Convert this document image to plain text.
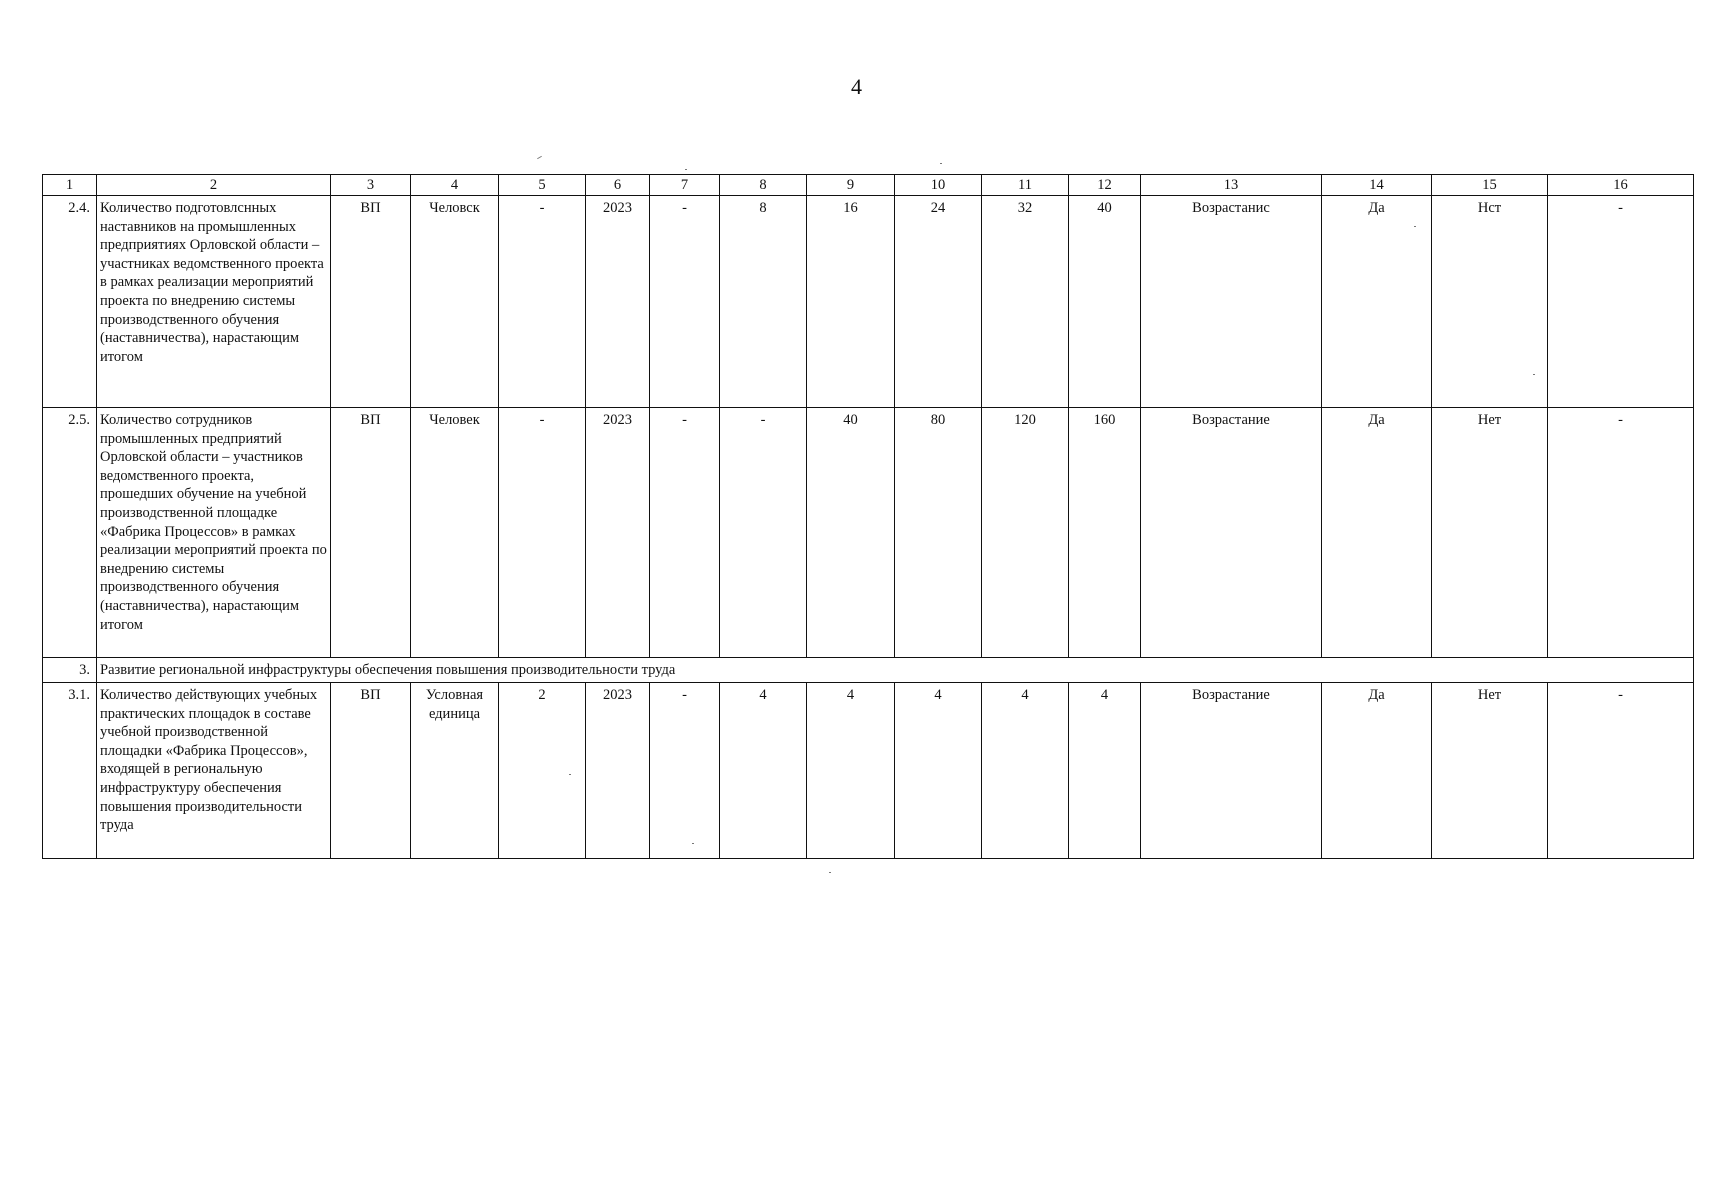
4
1	2	3	4	5	6	7	8	9	10	11	12	13	14	15	16
2.4.	Количество подготовлснных наставников на промышленных предприятиях Орловской области – участниках ведомственного проекта в рамках реализации мероприятий проекта по внедрению системы производственного обучения (наставничества), нарастающим итогом	ВП	Человск	-	2023	-	8	16	24	32	40	Возрастанис	Да	Нст	-
2.5.	Количество сотрудников промышленных предприятий Орловской области – участников ведомственного проекта, прошедших обучение на учебной производственной площадке «Фабрика Процессов» в рамках реализации мероприятий проекта по внедрению системы производственного обучения (наставничества), нарастающим итогом	ВП	Человек	-	2023	-	-	40	80	120	160	Возрастание	Да	Нет	-
3.	Развитие региональной инфраструктуры обеспечения повышения производительности труда														
3.1.	Количество действующих учебных практических площадок в составе учебной производственной площадки «Фабрика Процессов», входящей в региональную инфраструктуру обеспечения повышения производительности труда	ВП	Условная единица	2	2023	-	4	4	4	4	4	Возрастание	Да	Нет	-
